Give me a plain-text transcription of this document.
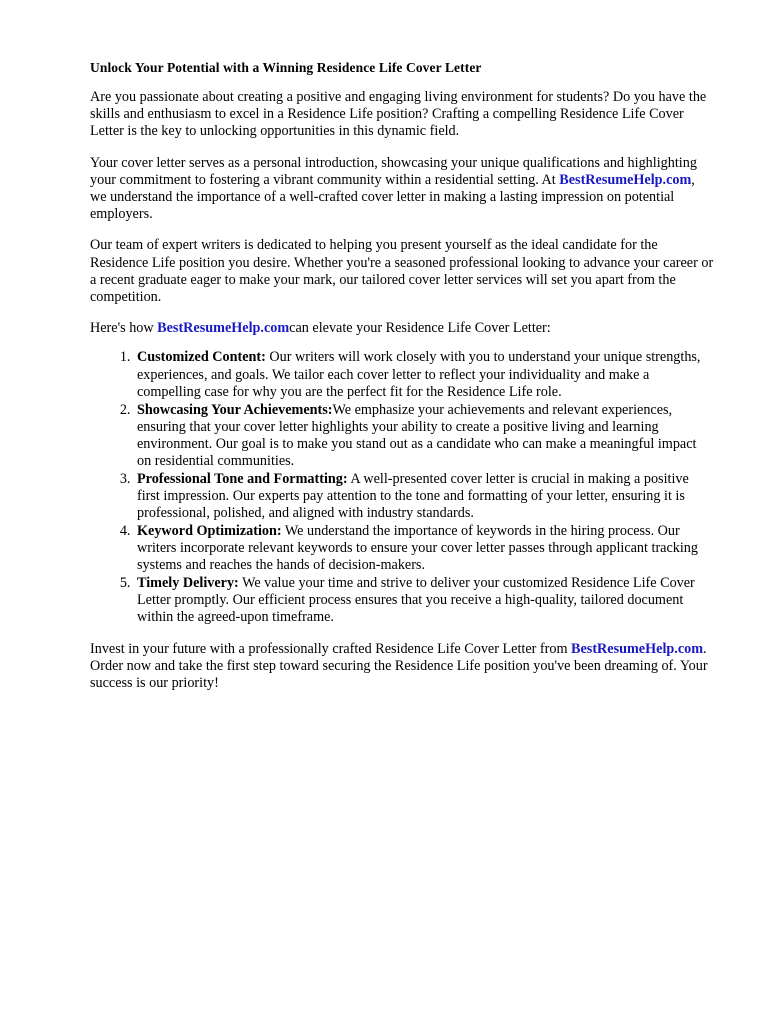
Unlock Your Potential with a Winning Residence Life Cover Letter

Are you passionate about creating a positive and engaging living environment for students? Do you have the skills and enthusiasm to excel in a Residence Life position? Crafting a compelling Residence Life Cover Letter is the key to unlocking opportunities in this dynamic field.

Your cover letter serves as a personal introduction, showcasing your unique qualifications and highlighting your commitment to fostering a vibrant community within a residential setting. At BestResumeHelp.com, we understand the importance of a well-crafted cover letter in making a lasting impression on potential employers.

Our team of expert writers is dedicated to helping you present yourself as the ideal candidate for the Residence Life position you desire. Whether you're a seasoned professional looking to advance your career or a recent graduate eager to make your mark, our tailored cover letter services will set you apart from the competition.

Here's how BestResumeHelp.comcan elevate your Residence Life Cover Letter:

1. Customized Content: Our writers will work closely with you to understand your unique strengths, experiences, and goals. We tailor each cover letter to reflect your individuality and make a compelling case for why you are the perfect fit for the Residence Life role.
2. Showcasing Your Achievements:We emphasize your achievements and relevant experiences, ensuring that your cover letter highlights your ability to create a positive living and learning environment. Our goal is to make you stand out as a candidate who can make a meaningful impact on residential communities.
3. Professional Tone and Formatting: A well-presented cover letter is crucial in making a positive first impression. Our experts pay attention to the tone and formatting of your letter, ensuring it is professional, polished, and aligned with industry standards.
4. Keyword Optimization: We understand the importance of keywords in the hiring process. Our writers incorporate relevant keywords to ensure your cover letter passes through applicant tracking systems and reaches the hands of decision-makers.
5. Timely Delivery: We value your time and strive to deliver your customized Residence Life Cover Letter promptly. Our efficient process ensures that you receive a high-quality, tailored document within the agreed-upon timeframe.

Invest in your future with a professionally crafted Residence Life Cover Letter from BestResumeHelp.com. Order now and take the first step toward securing the Residence Life position you've been dreaming of. Your success is our priority!
